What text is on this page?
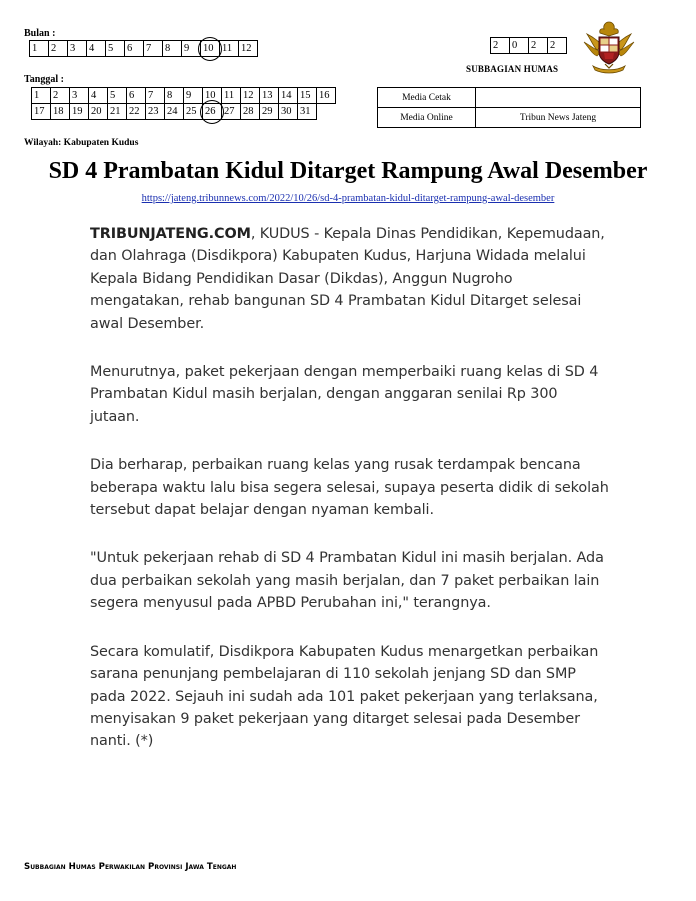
Bulan :
1	2	3	4	5	6	7	8	9	10	11	12
Tanggal :
1	2	3	4	5	6	7	8	9	10	11	12	13	14	15	16
17	18	19	20	21	22	23	24	25	26	27	28	29	30	31	
2	0	2	2
SUBBAGIAN HUMAS
Media Cetak	
Media Online	Tribun News Jateng
Wilayah: Kabupaten Kudus
SD 4 Prambatan Kidul Ditarget Rampung Awal Desember
https://jateng.tribunnews.com/2022/10/26/sd-4-prambatan-kidul-ditarget-rampung-awal-desember

TRIBUNJATENG.COM, KUDUS - Kepala Dinas Pendidikan, Kepemudaan, dan Olahraga (Disdikpora) Kabupaten Kudus, Harjuna Widada melalui Kepala Bidang Pendidikan Dasar (Dikdas), Anggun Nugroho mengatakan, rehab bangunan SD 4 Prambatan Kidul Ditarget selesai awal Desember.

Menurutnya, paket pekerjaan dengan memperbaiki ruang kelas di SD 4 Prambatan Kidul masih berjalan, dengan anggaran senilai Rp 300 jutaan.

Dia berharap, perbaikan ruang kelas yang rusak terdampak bencana beberapa waktu lalu bisa segera selesai, supaya peserta didik di sekolah tersebut dapat belajar dengan nyaman kembali.

"Untuk pekerjaan rehab di SD 4 Prambatan Kidul ini masih berjalan. Ada dua perbaikan sekolah yang masih berjalan, dan 7 paket perbaikan lain segera menyusul pada APBD Perubahan ini," terangnya.

Secara komulatif, Disdikpora Kabupaten Kudus menargetkan perbaikan sarana penunjang pembelajaran di 110 sekolah jenjang SD dan SMP pada 2022. Sejauh ini sudah ada 101 paket pekerjaan yang terlaksana, menyisakan 9 paket pekerjaan yang ditarget selesai pada Desember nanti. (*)

Subbagian Humas Perwakilan Provinsi Jawa Tengah
